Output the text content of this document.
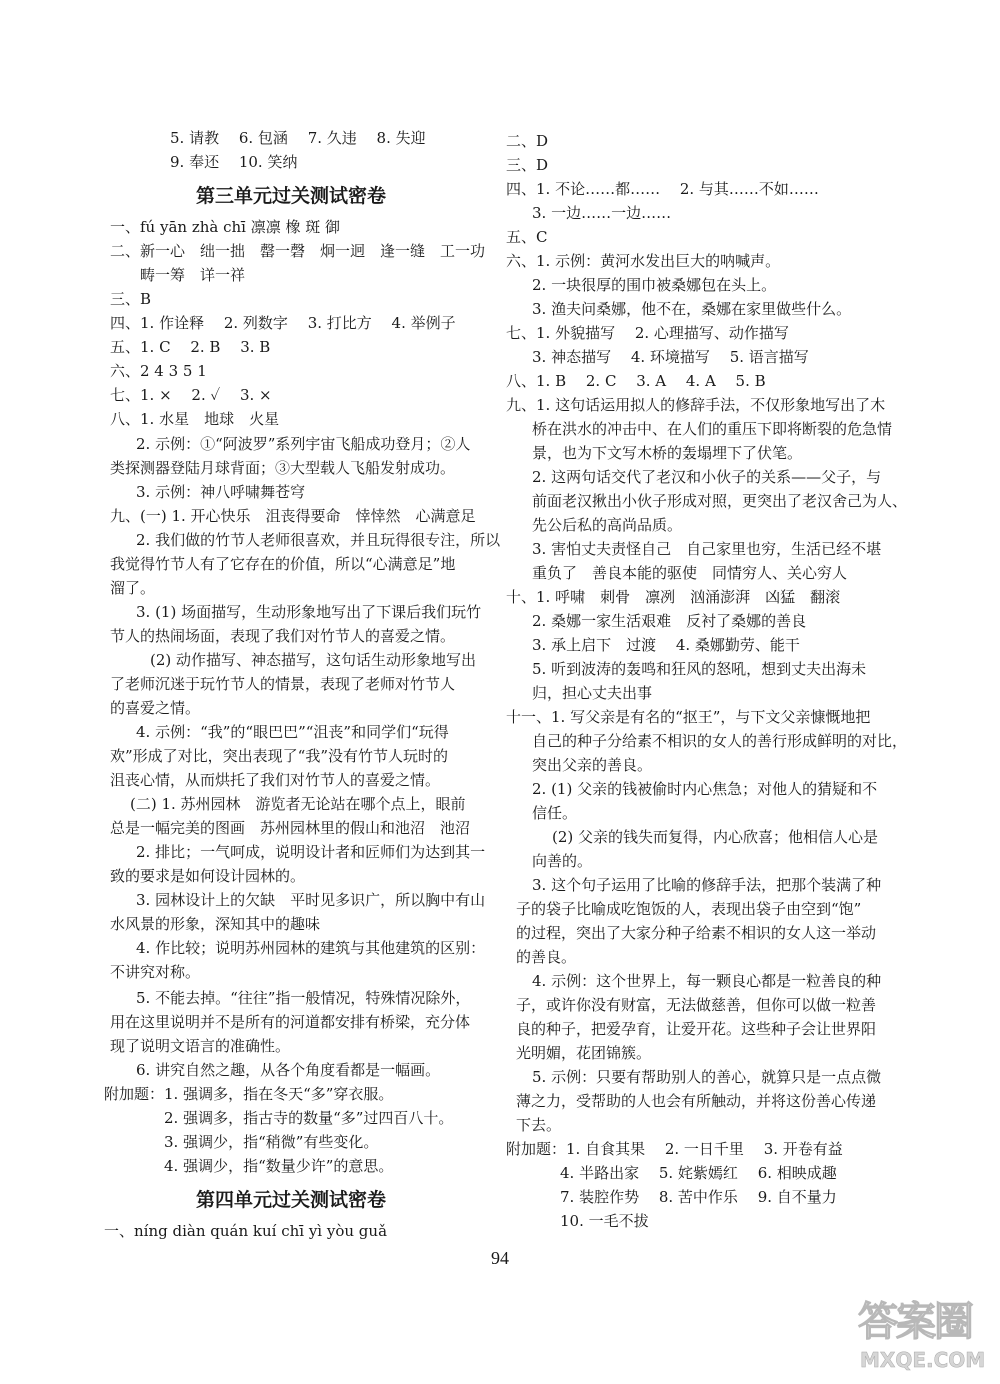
5. 请教　 6. 包涵　 7. 久违　 8. 失迎
9. 奉还　 10. 笑纳
第三单元过关测试密卷
一、fú yān zhà chī 凛凛 橡 斑 御
二、新一心　绌一拙　罄一磬　炯一迥　逢一缝　工一功
畴一筹　详一祥
三、B
四、1. 作诠释　 2. 列数字　 3. 打比方　 4. 举例子
五、1. C　 2. B　 3. B
六、2 4 3 5 1
七、1. ×　 2. ✓　 3. ×
八、1. 水星　地球　火星
2. 示例：①“阿波罗”系列宇宙飞船成功登月；②人
类探测器登陆月球背面；③大型载人飞船发射成功。
3. 示例：神八呼啸舞苍穹
九、(一) 1. 开心快乐　沮丧得要命　悻悻然　心满意足
2. 我们做的竹节人老师很喜欢，并且玩得很专注，所以
我觉得竹节人有了它存在的价值，所以“心满意足”地
溜了。
3. (1) 场面描写，生动形象地写出了下课后我们玩竹
节人的热闹场面，表现了我们对竹节人的喜爱之情。
(2) 动作描写、神态描写，这句话生动形象地写出
了老师沉迷于玩竹节人的情景，表现了老师对竹节人
的喜爱之情。
4. 示例：“我”的“眼巴巴”“沮丧”和同学们“玩得
欢”形成了对比，突出表现了“我”没有竹节人玩时的
沮丧心情，从而烘托了我们对竹节人的喜爱之情。
(二) 1. 苏州园林　游览者无论站在哪个点上，眼前
总是一幅完美的图画　苏州园林里的假山和池沼　池沼
2. 排比；一气呵成，说明设计者和匠师们为达到其一
致的要求是如何设计园林的。
3. 园林设计上的欠缺　平时见多识广，所以胸中有山
水风景的形象，深知其中的趣味
4. 作比较；说明苏州园林的建筑与其他建筑的区别：
不讲究对称。
5. 不能去掉。“往往”指一般情况，特殊情况除外，
用在这里说明并不是所有的河道都安排有桥梁，充分体
现了说明文语言的准确性。
6. 讲究自然之趣，从各个角度看都是一幅画。
附加题：1. 强调多，指在冬天“多”穿衣服。
2. 强调多，指古寺的数量“多”过四百八十。
3. 强调少，指“稍微”有些变化。
4. 强调少，指“数量少许”的意思。
第四单元过关测试密卷
一、níng diàn quán kuí chī yì yòu guǎ
二、D
三、D
四、1. 不论……都……　 2. 与其……不如……
3. 一边……一边……
五、C
六、1. 示例：黄河水发出巨大的呐喊声。
2. 一块很厚的围巾被桑娜包在头上。
3. 渔夫问桑娜，他不在，桑娜在家里做些什么。
七、1. 外貌描写　 2. 心理描写、动作描写
3. 神态描写　 4. 环境描写　 5. 语言描写
八、1. B　 2. C　 3. A　 4. A　 5. B
九、1. 这句话运用拟人的修辞手法，不仅形象地写出了木
桥在洪水的冲击中、在人们的重压下即将断裂的危急情
景，也为下文写木桥的轰塌埋下了伏笔。
2. 这两句话交代了老汉和小伙子的关系——父子，与
前面老汉揪出小伙子形成对照，更突出了老汉舍己为人、
先公后私的高尚品质。
3. 害怕丈夫责怪自己　自己家里也穷，生活已经不堪
重负了　善良本能的驱使　同情穷人、关心穷人
十、1. 呼啸　刺骨　凛冽　汹涌澎湃　凶猛　翻滚
2. 桑娜一家生活艰难　反衬了桑娜的善良
3. 承上启下　过渡　 4. 桑娜勤劳、能干
5. 听到波涛的轰鸣和狂风的怒吼，想到丈夫出海未
归，担心丈夫出事
十一、1. 写父亲是有名的“抠王”，与下文父亲慷慨地把
自己的种子分给素不相识的女人的善行形成鲜明的对比，
突出父亲的善良。
2. (1) 父亲的钱被偷时内心焦急；对他人的猜疑和不
信任。
(2) 父亲的钱失而复得，内心欣喜；他相信人心是
向善的。
3. 这个句子运用了比喻的修辞手法，把那个装满了种
子的袋子比喻成吃饱饭的人，表现出袋子由空到“饱”
的过程，突出了大家分种子给素不相识的女人这一举动
的善良。
4. 示例：这个世界上，每一颗良心都是一粒善良的种
子，或许你没有财富，无法做慈善，但你可以做一粒善
良的种子，把爱孕育，让爱开花。这些种子会让世界阳
光明媚，花团锦簇。
5. 示例：只要有帮助别人的善心，就算只是一点点微
薄之力，受帮助的人也会有所触动，并将这份善心传递
下去。
附加题：1. 自食其果　 2. 一日千里　 3. 开卷有益
4. 半路出家　 5. 姹紫嫣红　 6. 相映成趣
7. 装腔作势　 8. 苦中作乐　 9. 自不量力
10. 一毛不拔
94
答案圈
MXQE.COM
